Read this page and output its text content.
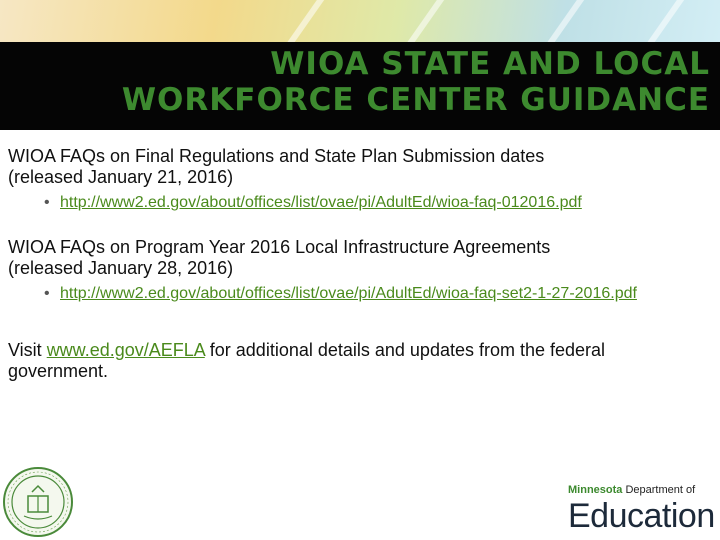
WIOA STATE AND LOCAL
WORKFORCE CENTER GUIDANCE

WIOA FAQs on Final Regulations and State Plan Submission dates
(released January 21, 2016)

• http://www2.ed.gov/about/offices/list/ovae/pi/AdultEd/wioa-faq-012016.pdf

WIOA FAQs on Program Year 2016 Local Infrastructure Agreements
(released January 28, 2016)

• http://www2.ed.gov/about/offices/list/ovae/pi/AdultEd/wioa-faq-set2-1-27-2016.pdf

Visit www.ed.gov/AEFLA for additional details and updates from the federal government.

Minnesota Department of
Education
